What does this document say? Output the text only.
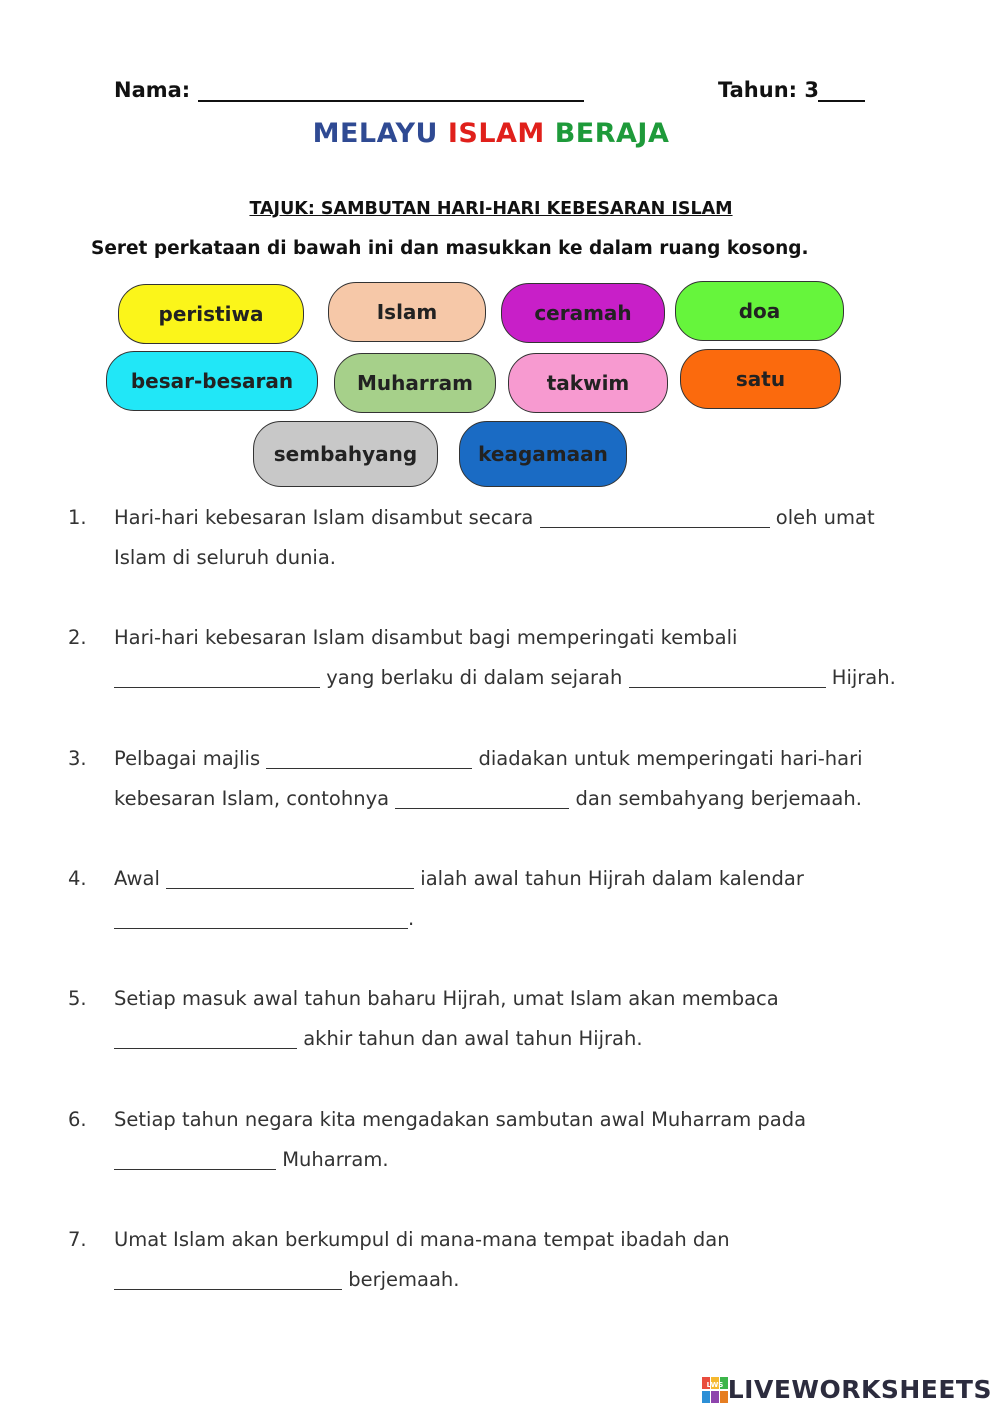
Nama:	Tahun: 3
MELAYU ISLAM BERAJA
TAJUK: SAMBUTAN HARI-HARI KEBESARAN ISLAM
Seret perkataan di bawah ini dan masukkan ke dalam ruang kosong.
peristiwa	Islam	ceramah	doa
besar-besaran	Muharram	takwim	satu
sembahyang	keagamaan
1. Hari-hari kebesaran Islam disambut secara	oleh umat
Islam di seluruh dunia.
2. Hari-hari kebesaran Islam disambut bagi memperingati kembali
yang berlaku di dalam sejarah	Hijrah.
3. Pelbagai majlis	diadakan untuk memperingati hari-hari
kebesaran Islam, contohnya	dan sembahyang berjemaah.
4. Awal	ialah awal tahun Hijrah dalam kalendar
.
5. Setiap masuk awal tahun baharu Hijrah, umat Islam akan membaca
akhir tahun dan awal tahun Hijrah.
6. Setiap tahun negara kita mengadakan sambutan awal Muharram pada
Muharram.
7. Umat Islam akan berkumpul di mana-mana tempat ibadah dan
berjemaah.
LWS LIVEWORKSHEETS
